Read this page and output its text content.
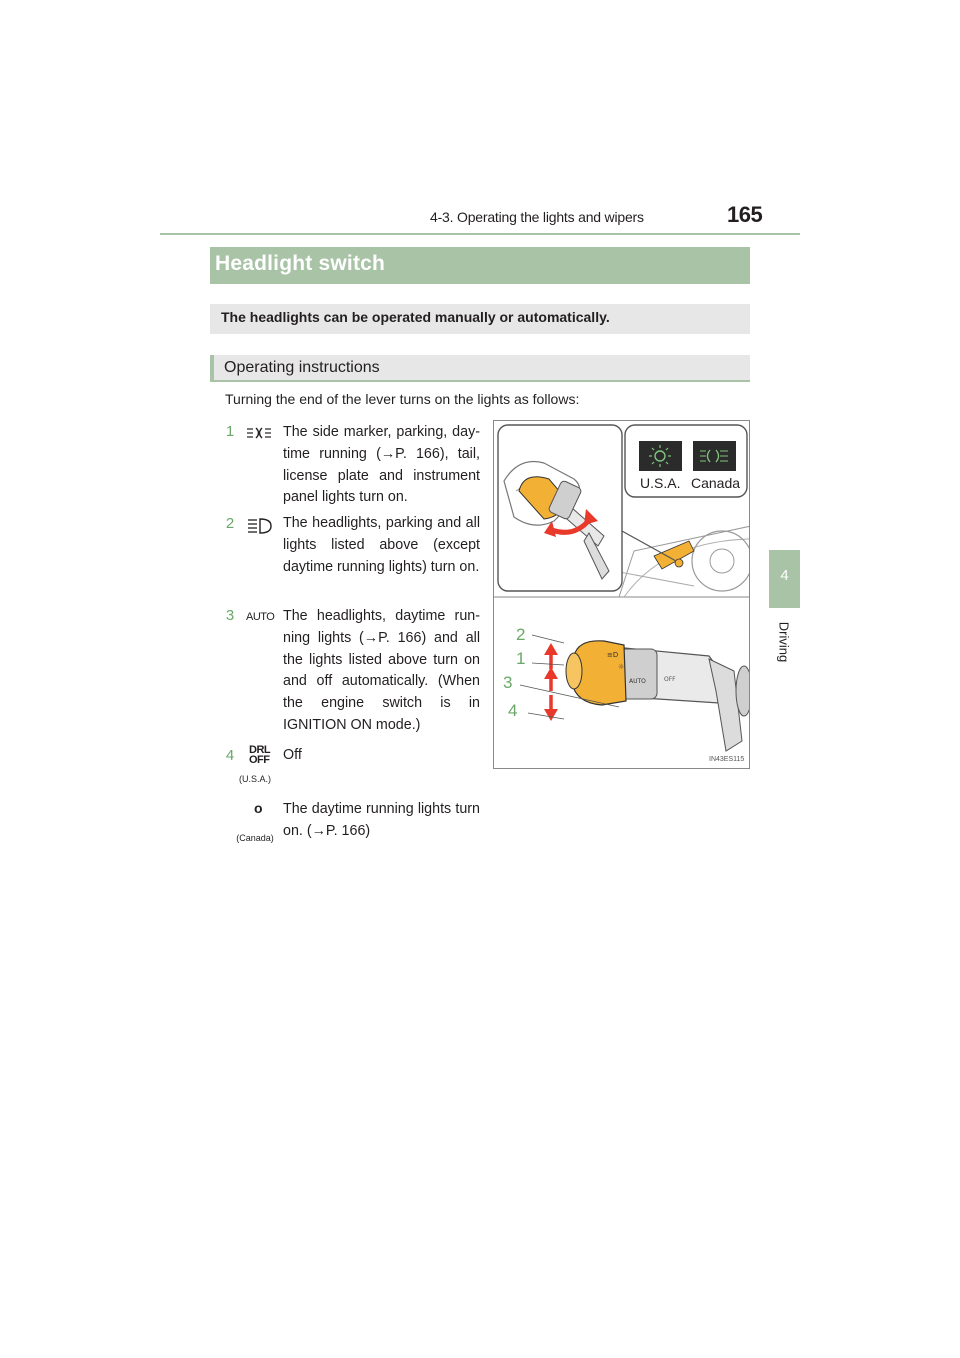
4-3. Operating the lights and wipers	165
4
Driving
Headlight switch
The headlights can be operated manually or automatically.
Operating instructions
Turning the end of the lever turns on the lights as follows:
1	The side marker, parking, day-time running (→P. 166), tail, license plate and instrument panel lights turn on.
2	The headlights, parking and all lights listed above (except daytime running lights) turn on.
3	AUTO The headlights, daytime run-ning lights (→P. 166) and all the lights listed above turn on and off automatically. (When the engine switch is in IGNITION ON mode.)
4	DRL OFF
(U.S.A.)
Off
o
(Canada)
The daytime running lights turn on. (→P. 166)
≡D
☼
AUTO	OFF
U.S.A. Canada
2
1
3
4
IN43ES115
